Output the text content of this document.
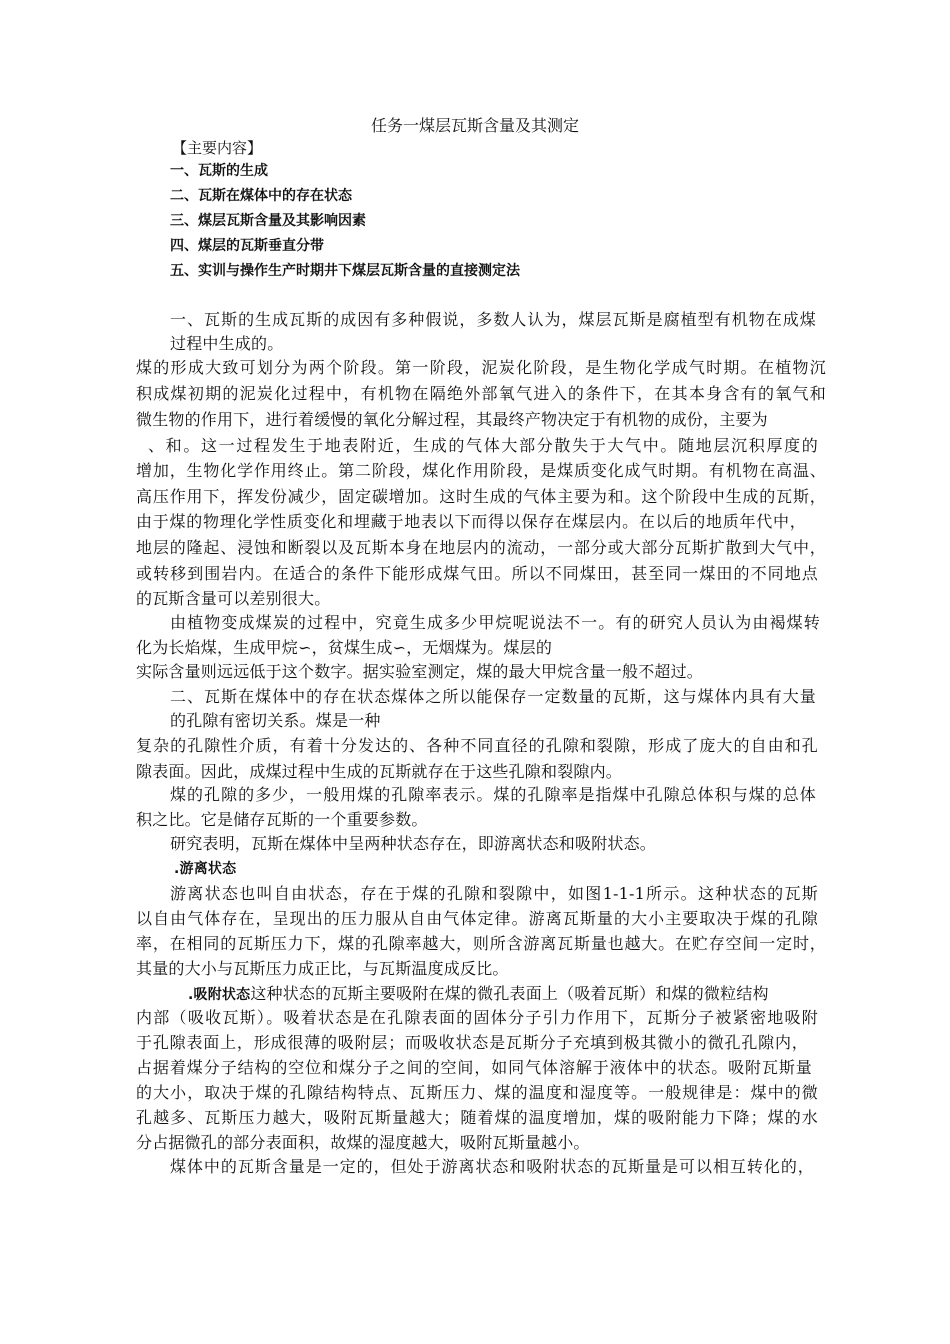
任务一煤层瓦斯含量及其测定
【主要内容】
一、瓦斯的生成
二、瓦斯在煤体中的存在状态
三、煤层瓦斯含量及其影响因素
四、煤层的瓦斯垂直分带
五、实训与操作生产时期井下煤层瓦斯含量的直接测定法
一、瓦斯的生成瓦斯的成因有多种假说，多数人认为，煤层瓦斯是腐植型有机物在成煤
过程中生成的。
煤的形成大致可划分为两个阶段。第一阶段，泥炭化阶段，是生物化学成气时期。在植物沉
积成煤初期的泥炭化过程中，有机物在隔绝外部氧气进入的条件下，在其本身含有的氧气和
微生物的作用下，进行着缓慢的氧化分解过程，其最终产物决定于有机物的成份，主要为
、和。这一过程发生于地表附近，生成的气体大部分散失于大气中。随地层沉积厚度的
增加，生物化学作用终止。第二阶段，煤化作用阶段，是煤质变化成气时期。有机物在高温、
高压作用下，挥发份减少，固定碳增加。这时生成的气体主要为和。这个阶段中生成的瓦斯，
由于煤的物理化学性质变化和埋藏于地表以下而得以保存在煤层内。在以后的地质年代中，
地层的隆起、浸蚀和断裂以及瓦斯本身在地层内的流动，一部分或大部分瓦斯扩散到大气中，
或转移到围岩内。在适合的条件下能形成煤气田。所以不同煤田，甚至同一煤田的不同地点
的瓦斯含量可以差别很大。
由植物变成煤炭的过程中，究竟生成多少甲烷呢说法不一。有的研究人员认为由褐煤转
化为长焰煤，生成甲烷∽，贫煤生成∽，无烟煤为。煤层的
实际含量则远远低于这个数字。据实验室测定，煤的最大甲烷含量一般不超过。
二、瓦斯在煤体中的存在状态煤体之所以能保存一定数量的瓦斯，这与煤体内具有大量
的孔隙有密切关系。煤是一种
复杂的孔隙性介质，有着十分发达的、各种不同直径的孔隙和裂隙，形成了庞大的自由和孔
隙表面。因此，成煤过程中生成的瓦斯就存在于这些孔隙和裂隙内。
煤的孔隙的多少，一般用煤的孔隙率表示。煤的孔隙率是指煤中孔隙总体积与煤的总体
积之比。它是储存瓦斯的一个重要参数。
研究表明，瓦斯在煤体中呈两种状态存在，即游离状态和吸附状态。
.游离状态
游离状态也叫自由状态，存在于煤的孔隙和裂隙中，如图1-1-1所示。这种状态的瓦斯
以自由气体存在，呈现出的压力服从自由气体定律。游离瓦斯量的大小主要取决于煤的孔隙
率，在相同的瓦斯压力下，煤的孔隙率越大，则所含游离瓦斯量也越大。在贮存空间一定时，
其量的大小与瓦斯压力成正比，与瓦斯温度成反比。
.吸附状态这种状态的瓦斯主要吸附在煤的微孔表面上（吸着瓦斯）和煤的微粒结构
内部（吸收瓦斯）。吸着状态是在孔隙表面的固体分子引力作用下，瓦斯分子被紧密地吸附
于孔隙表面上，形成很薄的吸附层；而吸收状态是瓦斯分子充填到极其微小的微孔孔隙内，
占据着煤分子结构的空位和煤分子之间的空间，如同气体溶解于液体中的状态。吸附瓦斯量
的大小，取决于煤的孔隙结构特点、瓦斯压力、煤的温度和湿度等。一般规律是：煤中的微
孔越多、瓦斯压力越大，吸附瓦斯量越大；随着煤的温度增加，煤的吸附能力下降；煤的水
分占据微孔的部分表面积，故煤的湿度越大，吸附瓦斯量越小。
煤体中的瓦斯含量是一定的，但处于游离状态和吸附状态的瓦斯量是可以相互转化的，
